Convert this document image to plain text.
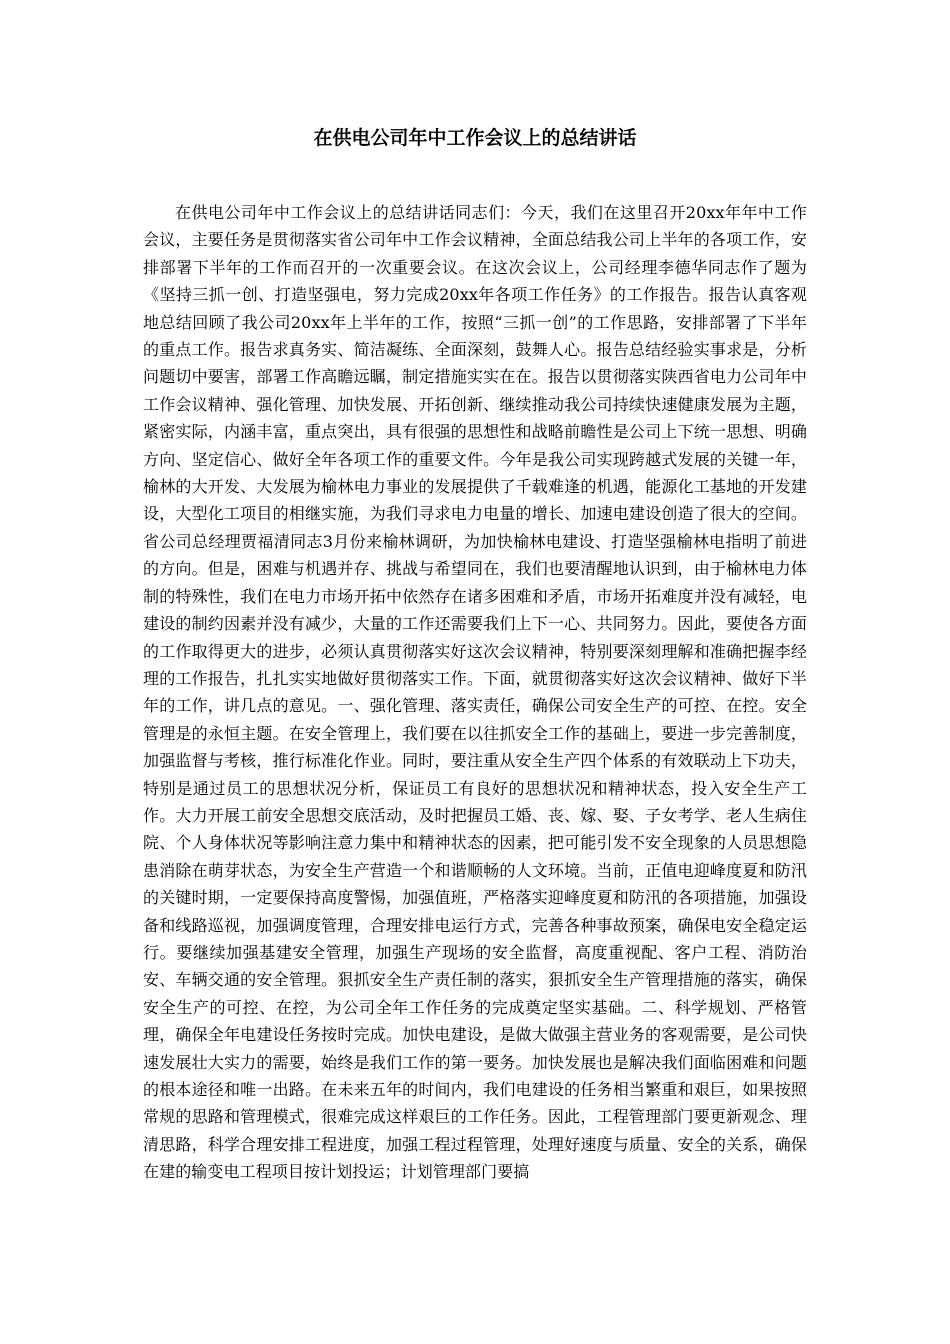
在供电公司年中工作会议上的总结讲话

在供电公司年中工作会议上的总结讲话同志们：今天，我们在这里召开20xx年年中工作会议，主要任务是贯彻落实省公司年中工作会议精神，全面总结我公司上半年的各项工作，安排部署下半年的工作而召开的一次重要会议。在这次会议上，公司经理李德华同志作了题为《坚持三抓一创、打造坚强电，努力完成20xx年各项工作任务》的工作报告。报告认真客观地总结回顾了我公司20xx年上半年的工作，按照“三抓一创”的工作思路，安排部署了下半年的重点工作。报告求真务实、简洁凝练、全面深刻，鼓舞人心。报告总结经验实事求是，分析问题切中要害，部署工作高瞻远瞩，制定措施实实在在。报告以贯彻落实陕西省电力公司年中工作会议精神、强化管理、加快发展、开拓创新、继续推动我公司持续快速健康发展为主题，紧密实际，内涵丰富，重点突出，具有很强的思想性和战略前瞻性是公司上下统一思想、明确方向、坚定信心、做好全年各项工作的重要文件。今年是我公司实现跨越式发展的关键一年，榆林的大开发、大发展为榆林电力事业的发展提供了千载难逢的机遇，能源化工基地的开发建设，大型化工项目的相继实施，为我们寻求电力电量的增长、加速电建设创造了很大的空间。省公司总经理贾福清同志3月份来榆林调研，为加快榆林电建设、打造坚强榆林电指明了前进的方向。但是，困难与机遇并存、挑战与希望同在，我们也要清醒地认识到，由于榆林电力体制的特殊性，我们在电力市场开拓中依然存在诸多困难和矛盾，市场开拓难度并没有减轻，电建设的制约因素并没有减少，大量的工作还需要我们上下一心、共同努力。因此，要使各方面的工作取得更大的进步，必须认真贯彻落实好这次会议精神，特别要深刻理解和准确把握李经理的工作报告，扎扎实实地做好贯彻落实工作。下面，就贯彻落实好这次会议精神、做好下半年的工作，讲几点的意见。一、强化管理、落实责任，确保公司安全生产的可控、在控。安全管理是的永恒主题。在安全管理上，我们要在以往抓安全工作的基础上，要进一步完善制度，加强监督与考核，推行标准化作业。同时，要注重从安全生产四个体系的有效联动上下功夫，特别是通过员工的思想状况分析，保证员工有良好的思想状况和精神状态，投入安全生产工作。大力开展工前安全思想交底活动，及时把握员工婚、丧、嫁、娶、子女考学、老人生病住院、个人身体状况等影响注意力集中和精神状态的因素，把可能引发不安全现象的人员思想隐患消除在萌芽状态，为安全生产营造一个和谐顺畅的人文环境。当前，正值电迎峰度夏和防汛的关键时期，一定要保持高度警惕，加强值班，严格落实迎峰度夏和防汛的各项措施，加强设备和线路巡视，加强调度管理，合理安排电运行方式，完善各种事故预案，确保电安全稳定运行。要继续加强基建安全管理，加强生产现场的安全监督，高度重视配、客户工程、消防治安、车辆交通的安全管理。狠抓安全生产责任制的落实，狠抓安全生产管理措施的落实，确保安全生产的可控、在控，为公司全年工作任务的完成奠定坚实基础。二、科学规划、严格管理，确保全年电建设任务按时完成。加快电建设，是做大做强主营业务的客观需要，是公司快速发展壮大实力的需要，始终是我们工作的第一要务。加快发展也是解决我们面临困难和问题的根本途径和唯一出路。在未来五年的时间内，我们电建设的任务相当繁重和艰巨，如果按照常规的思路和管理模式，很难完成这样艰巨的工作任务。因此，工程管理部门要更新观念、理清思路，科学合理安排工程进度，加强工程过程管理，处理好速度与质量、安全的关系，确保在建的输变电工程项目按计划投运；计划管理部门要搞
